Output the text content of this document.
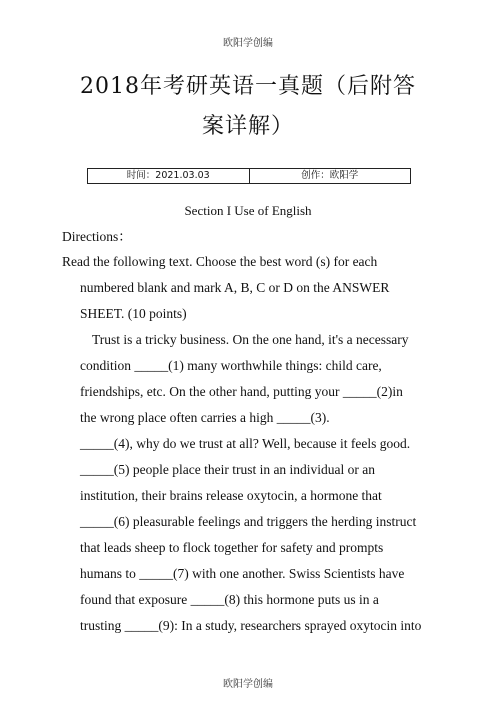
欧阳学创编
2018年考研英语一真题（后附答
案详解）
时间：2021.03.03	创作：欧阳学
Section I Use of English
Directions：
Read the following text. Choose the best word (s) for each
numbered blank and mark A, B, C or D on the ANSWER
SHEET. (10 points)
Trust is a tricky business. On the one hand, it's a necessary
condition _____(1) many worthwhile things: child care,
friendships, etc. On the other hand, putting your _____(2)in
the wrong place often carries a high _____(3).
_____(4), why do we trust at all? Well, because it feels good.
_____(5) people place their trust in an individual or an
institution, their brains release oxytocin, a hormone that
_____(6) pleasurable feelings and triggers the herding instruct
that leads sheep to flock together for safety and prompts
humans to _____(7) with one another. Swiss Scientists have
found that exposure _____(8) this hormone puts us in a
trusting _____(9): In a study, researchers sprayed oxytocin into
欧阳学创编
